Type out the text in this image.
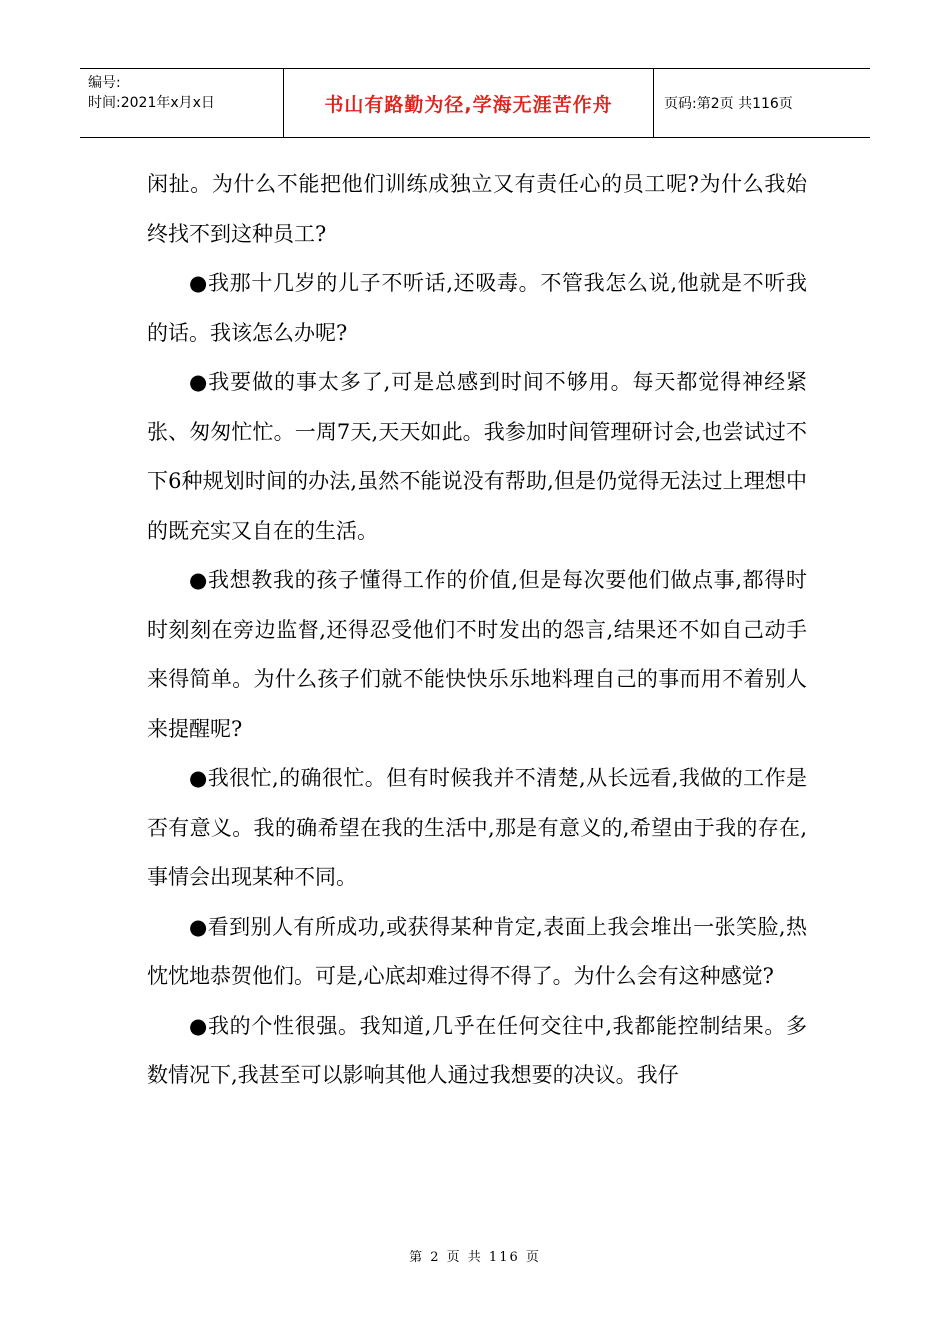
编号:
时间:2021年x月x日	书山有路勤为径,学海无涯苦作舟	页码:第2页 共116页

闲扯。为什么不能把他们训练成独立又有责任心的员工呢?为什么我始终找不到这种员工?

●我那十几岁的儿子不听话,还吸毒。不管我怎么说,他就是不听我的话。我该怎么办呢?

●我要做的事太多了,可是总感到时间不够用。每天都觉得神经紧张、匆匆忙忙。一周7天,天天如此。我参加时间管理研讨会,也尝试过不下6种规划时间的办法,虽然不能说没有帮助,但是仍觉得无法过上理想中的既充实又自在的生活。

●我想教我的孩子懂得工作的价值,但是每次要他们做点事,都得时时刻刻在旁边监督,还得忍受他们不时发出的怨言,结果还不如自己动手来得简单。为什么孩子们就不能快快乐乐地料理自己的事而用不着别人来提醒呢?

●我很忙,的确很忙。但有时候我并不清楚,从长远看,我做的工作是否有意义。我的确希望在我的生活中,那是有意义的,希望由于我的存在,事情会出现某种不同。

●看到别人有所成功,或获得某种肯定,表面上我会堆出一张笑脸,热忱忱地恭贺他们。可是,心底却难过得不得了。为什么会有这种感觉?

●我的个性很强。我知道,几乎在任何交往中,我都能控制结果。多数情况下,我甚至可以影响其他人通过我想要的决议。我仔

第 2 页 共 116 页
